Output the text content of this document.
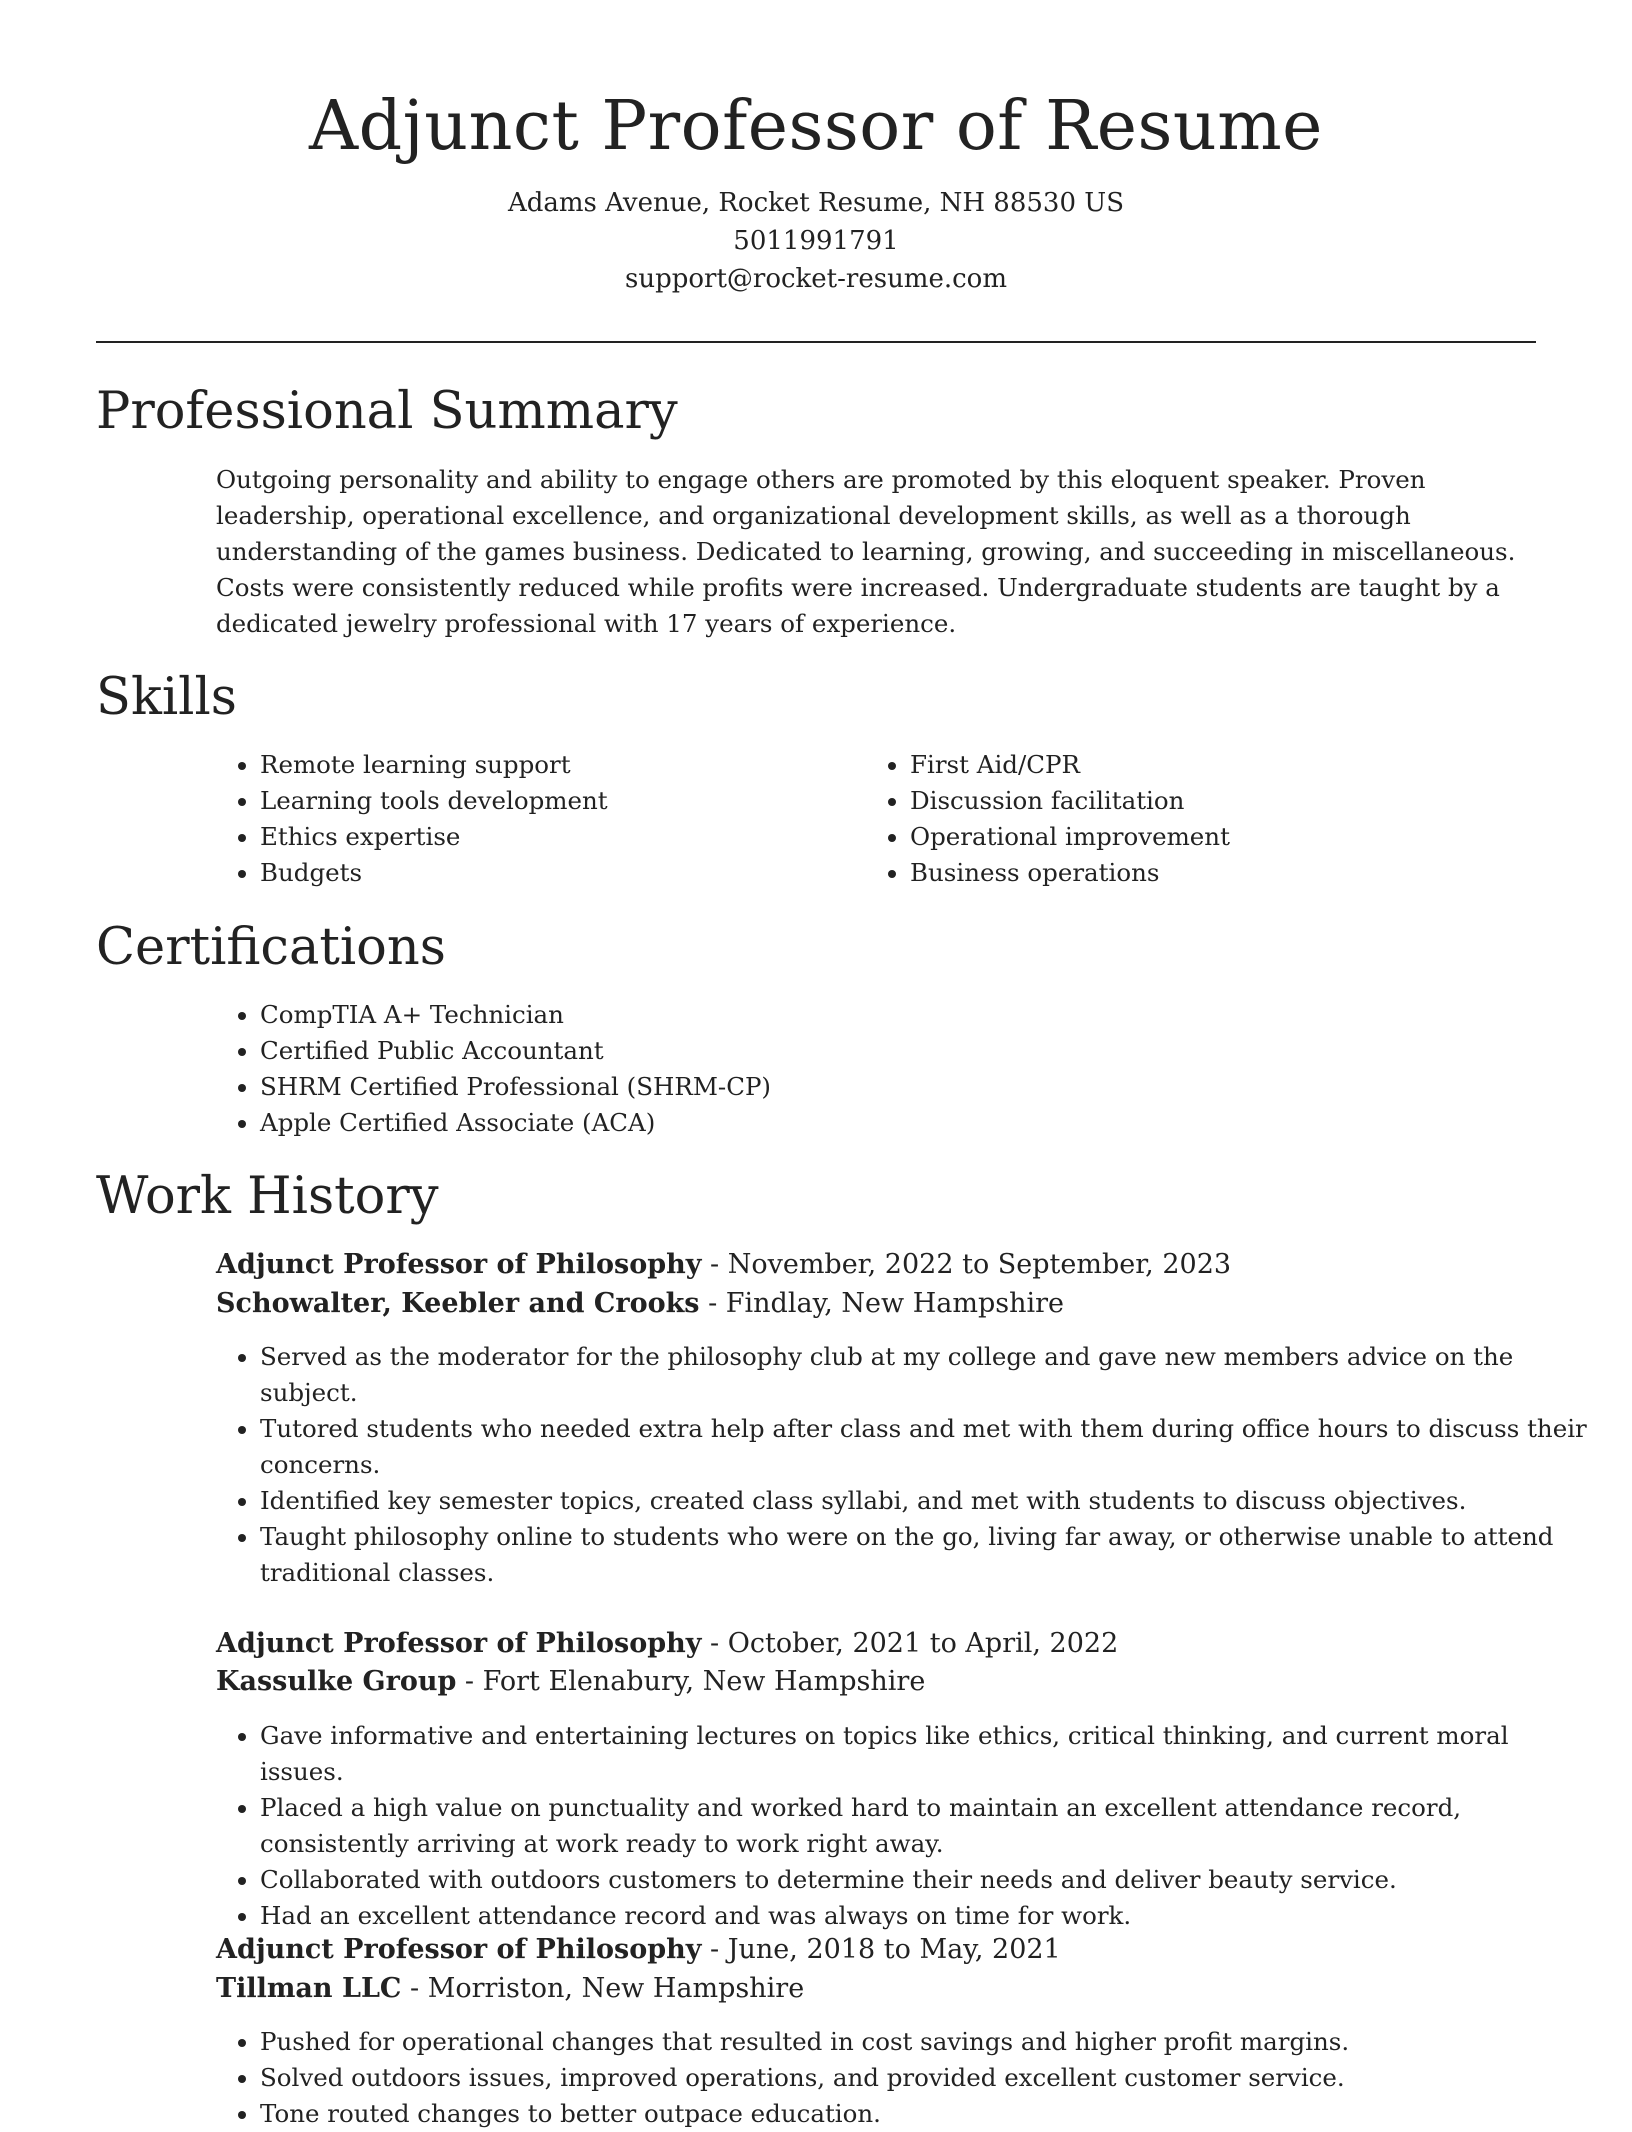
Adjunct Professor of Resume

Adams Avenue, Rocket Resume, NH 88530 US

5011991791

support@rocket-resume.com

Professional Summary

Outgoing personality and ability to engage others are promoted by this eloquent speaker. Proven leadership, operational excellence, and organizational development skills, as well as a thorough understanding of the games business. Dedicated to learning, growing, and succeeding in miscellaneous. Costs were consistently reduced while profits were increased. Undergraduate students are taught by a dedicated jewelry professional with 17 years of experience.

Skills
• Remote learning support
• Learning tools development
• Ethics expertise
• Budgets
• First Aid/CPR
• Discussion facilitation
• Operational improvement
• Business operations
Certifications
• CompTIA A+ Technician
• Certified Public Accountant
• SHRM Certified Professional (SHRM-CP)
• Apple Certified Associate (ACA)
Work History

Adjunct Professor of Philosophy - November, 2022 to September, 2023

Schowalter, Keebler and Crooks - Findlay, New Hampshire

• Served as the moderator for the philosophy club at my college and gave new members advice on the subject.
• Tutored students who needed extra help after class and met with them during office hours to discuss their concerns.
• Identified key semester topics, created class syllabi, and met with students to discuss objectives.
• Taught philosophy online to students who were on the go, living far away, or otherwise unable to attend traditional classes.

Adjunct Professor of Philosophy - October, 2021 to April, 2022

Kassulke Group - Fort Elenabury, New Hampshire

• Gave informative and entertaining lectures on topics like ethics, critical thinking, and current moral issues.
• Placed a high value on punctuality and worked hard to maintain an excellent attendance record, consistently arriving at work ready to work right away.
• Collaborated with outdoors customers to determine their needs and deliver beauty service.
• Had an excellent attendance record and was always on time for work.

Adjunct Professor of Philosophy - June, 2018 to May, 2021

Tillman LLC - Morriston, New Hampshire

• Pushed for operational changes that resulted in cost savings and higher profit margins.
• Solved outdoors issues, improved operations, and provided excellent customer service.
• Tone routed changes to better outpace education.
